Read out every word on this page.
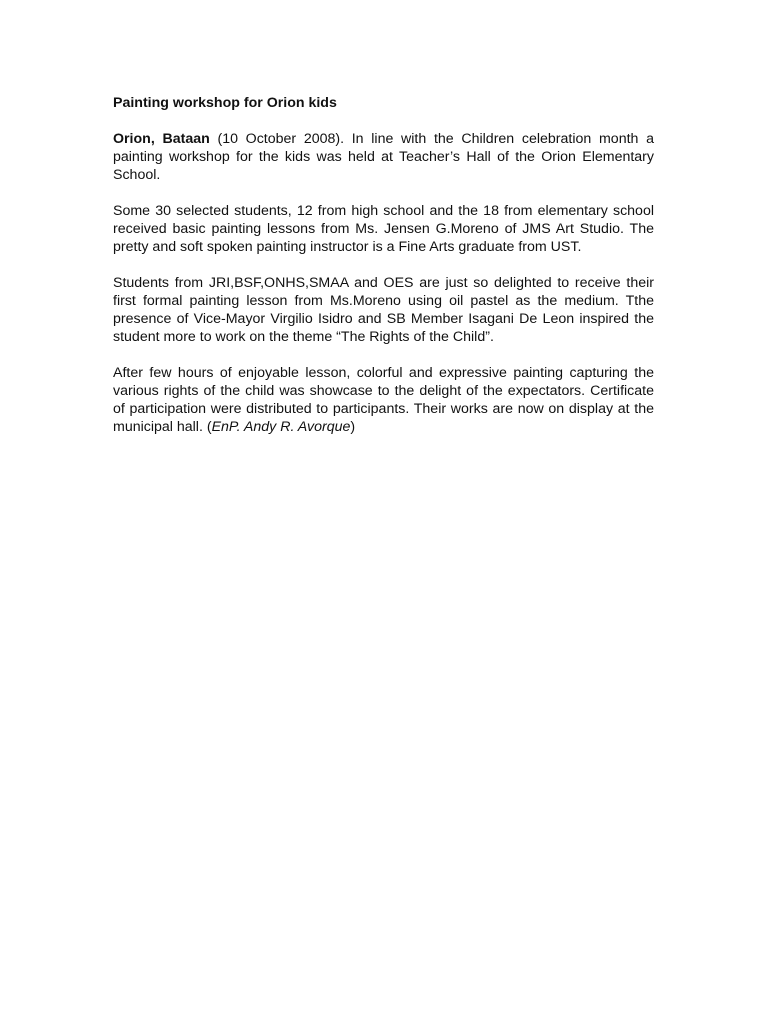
Painting workshop for Orion kids

Orion, Bataan (10 October 2008). In line with the Children celebration month a painting workshop for the kids was held at Teacher’s Hall of the Orion Elementary School.

Some 30 selected students, 12 from high school and the 18 from elementary school received basic painting lessons from Ms. Jensen G.Moreno of JMS Art Studio. The pretty and soft spoken painting instructor is a Fine Arts graduate from UST.

Students from JRI,BSF,ONHS,SMAA and OES are just so delighted to receive their first formal painting lesson from Ms.Moreno using oil pastel as the medium. Tthe presence of Vice-Mayor Virgilio Isidro and SB Member Isagani De Leon inspired the student more to work on the theme “The Rights of the Child”.

After few hours of enjoyable lesson, colorful and expressive painting capturing the various rights of the child was showcase to the delight of the expectators. Certificate of participation were distributed to participants. Their works are now on display at the municipal hall. (EnP. Andy R. Avorque)
